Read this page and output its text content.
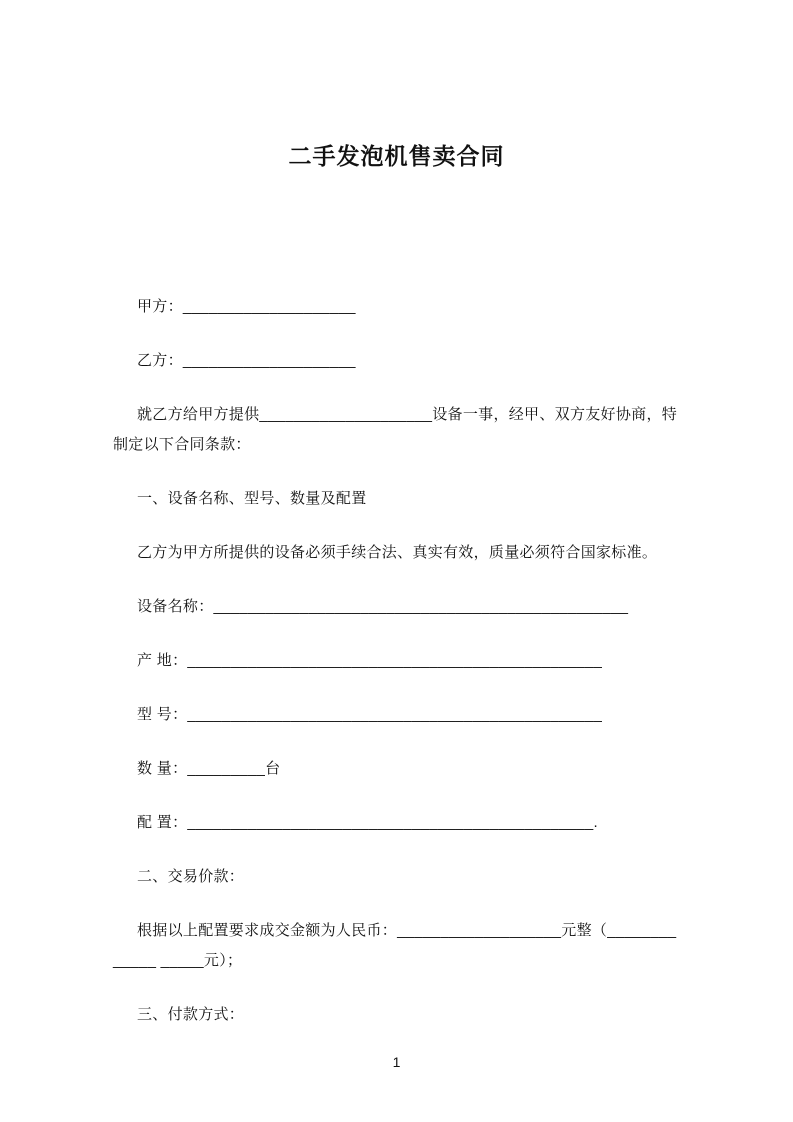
二手发泡机售卖合同

甲方：____________________

乙方：____________________

就乙方给甲方提供____________________设备一事，经甲、双方友好协商，特制定以下合同条款：

一、设备名称、型号、数量及配置

乙方为甲方所提供的设备必须手续合法、真实有效，质量必须符合国家标准。

设备名称：________________________________________________

产 地：________________________________________________

型 号：________________________________________________

数 量：_________台

配 置：_______________________________________________.

二、交易价款：

根据以上配置要求成交金额为人民币：___________________元整（_____________ _____元）；

三、付款方式：

1
